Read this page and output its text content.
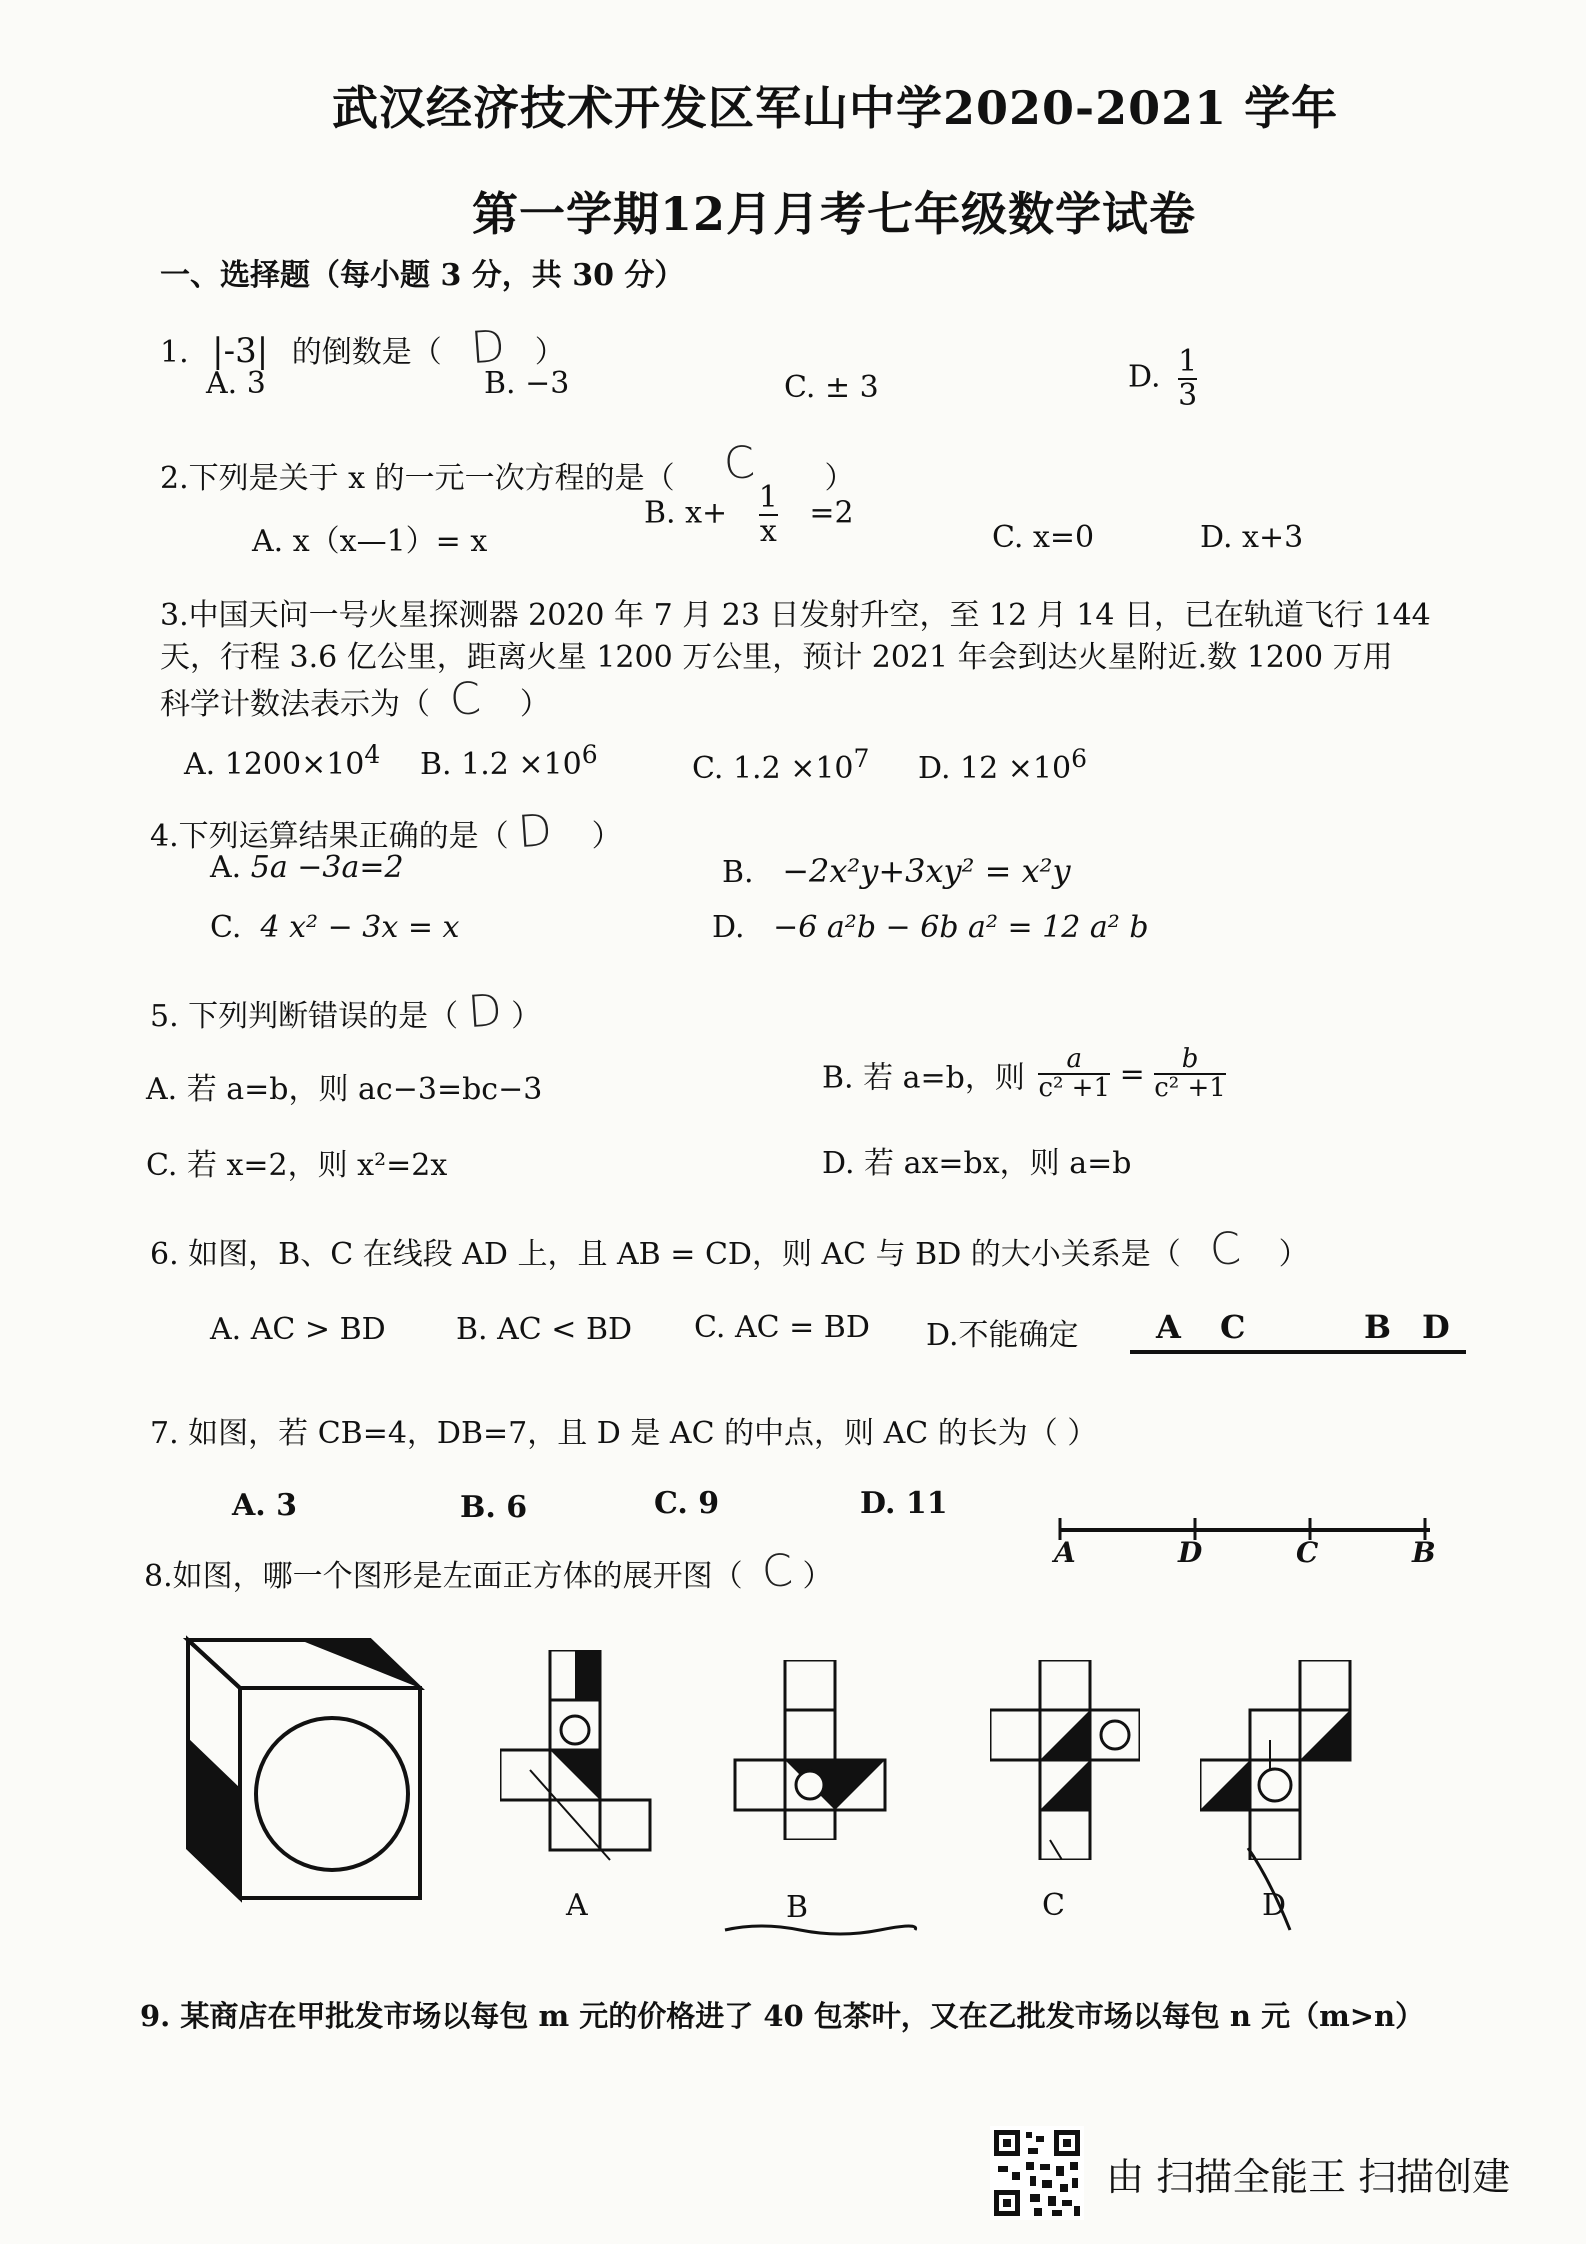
武汉经济技术开发区军山中学2020-2021 学年
第一学期12月月考七年级数学试卷
一、选择题（每小题 3 分，共 30 分）
1. |-3| 的倒数是（ D ）
A. 3	B. −3	C. ± 3	D. $\frac{1}{3}$
2.下列是关于 x 的一元一次方程的是（ C ）
A. x（x—1）= x
B. $x+ \frac{1}{x} =2$
C. x=0	D. x+3
3.中国天问一号火星探测器 2020 年 7 月 23 日发射升空，至 12 月 14 日，已在轨道飞行 144
天，行程 3.6 亿公里，距离火星 1200 万公里，预计 2021 年会到达火星附近.数 1200 万用
科学计数法表示为（ C ）
A. $1200\times 10^4$ B. $1.2 \times 10^6$	C. $1.2 \times 10^7$ D. $12 \times 10^6$
4.下列运算结果正确的是（ D ）
A. 5a −3a=2	B. −2x²y+3xy² = x²y
C. 4 x² − 3x = x	D. −6 a²b − 6b a² = 12 a² b
5. 下列判断错误的是（ D ）
A. 若 a=b，则 ac−3=bc−3	B. 若 a=b，则 $\frac{a}{\text{c² +1}} = \frac{b}{\text{c² +1}}$
C. 若 x=2，则 x²=2x	D. 若 ax=bx，则 a=b
6. 如图，B、C 在线段 AD 上，且 AB = CD，则 AC 与 BD 的大小关系是（ C ）
A. AC > BD B. AC < BD C. AC = BD D.不能确定 A C	B D
7. 如图，若 CB=4，DB=7，且 D 是 AC 的中点，则 AC 的长为（ ）
A. 3	B. 6	C. 9	D. 11
A	D	C	B
8.如图，哪一个图形是左面正方体的展开图（ C ）
A	B	C	D
9. 某商店在甲批发市场以每包 m 元的价格进了 40 包茶叶，又在乙批发市场以每包 n 元（m>n）
由 扫描全能王 扫描创建
